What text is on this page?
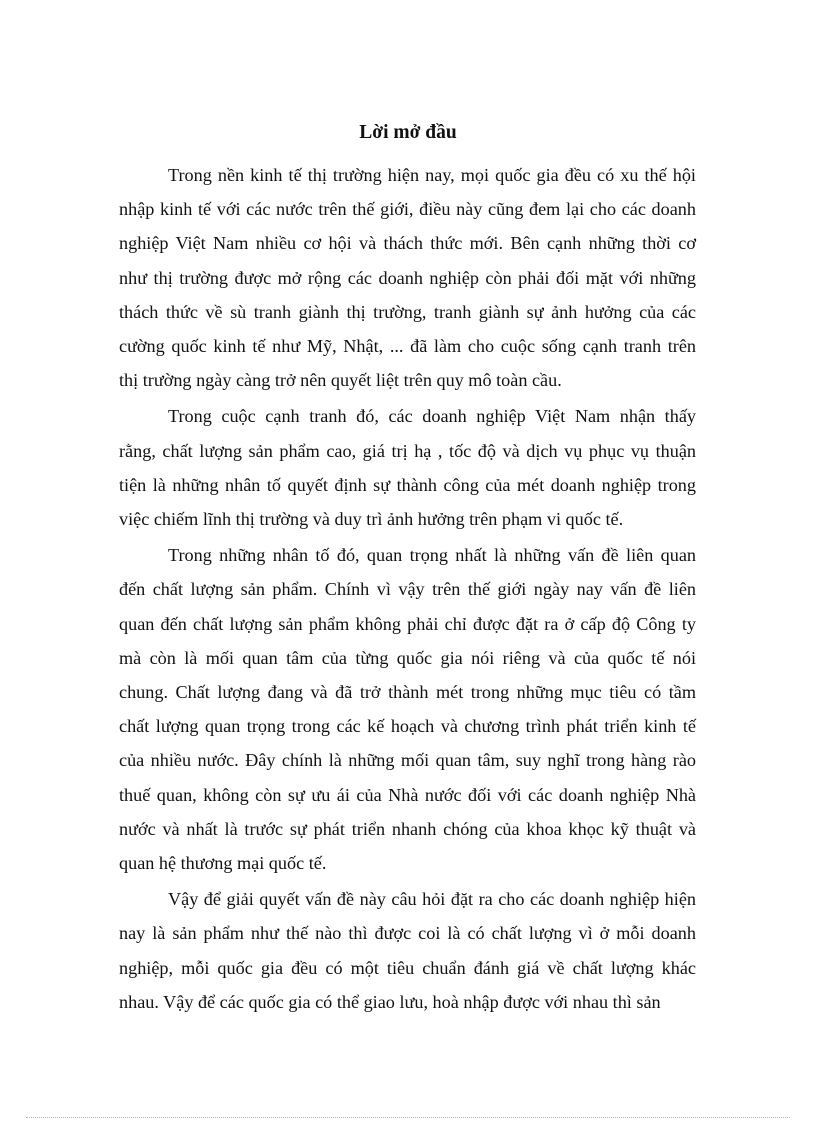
Lời mở đầu

Trong nền kinh tế thị trường hiện nay, mọi quốc gia đều có xu thế hội
nhập kinh tế với các nước trên thế giới, điều này cũng đem lại cho các doanh
nghiệp Việt Nam nhiều cơ hội và thách thức mới. Bên cạnh những thời cơ
như thị trường được mở rộng các doanh nghiệp còn phải đối mặt với những
thách thức về sù tranh giành thị trường, tranh giành sự ảnh hưởng của các
cường quốc kinh tế như Mỹ, Nhật, ... đã làm cho cuộc sống cạnh tranh trên
thị trường ngày càng trở nên quyết liệt trên quy mô toàn cầu.

Trong cuộc cạnh tranh đó, các doanh nghiệp Việt Nam nhận thấy
rằng, chất lượng sản phẩm cao, giá trị hạ , tốc độ và dịch vụ phục vụ thuận
tiện là những nhân tố quyết định sự thành công của mét doanh nghiệp trong
việc chiếm lĩnh thị trường và duy trì ảnh hưởng trên phạm vi quốc tế.

Trong những nhân tố đó, quan trọng nhất là những vấn đề liên quan
đến chất lượng sản phẩm. Chính vì vậy trên thế giới ngày nay vấn đề liên
quan đến chất lượng sản phẩm không phải chỉ được đặt ra ở cấp độ Công ty
mà còn là mối quan tâm của từng quốc gia nói riêng và của quốc tế nói
chung. Chất lượng đang và đã trở thành mét trong những mục tiêu có tầm
chất lượng quan trọng trong các kế hoạch và chương trình phát triển kinh tế
của nhiều nước. Đây chính là những mối quan tâm, suy nghĩ trong hàng rào
thuế quan, không còn sự ưu ái của Nhà nước đối với các doanh nghiệp Nhà
nước và nhất là trước sự phát triển nhanh chóng của khoa khọc kỹ thuật và
quan hệ thương mại quốc tế.

Vậy để giải quyết vấn đề này câu hỏi đặt ra cho các doanh nghiệp hiện
nay là sản phẩm như thế nào thì được coi là có chất lượng vì ở mỗi doanh
nghiệp, mỗi quốc gia đều có một tiêu chuẩn đánh giá về chất lượng khác
nhau. Vậy để các quốc gia có thể giao lưu, hoà nhập được với nhau thì sản
